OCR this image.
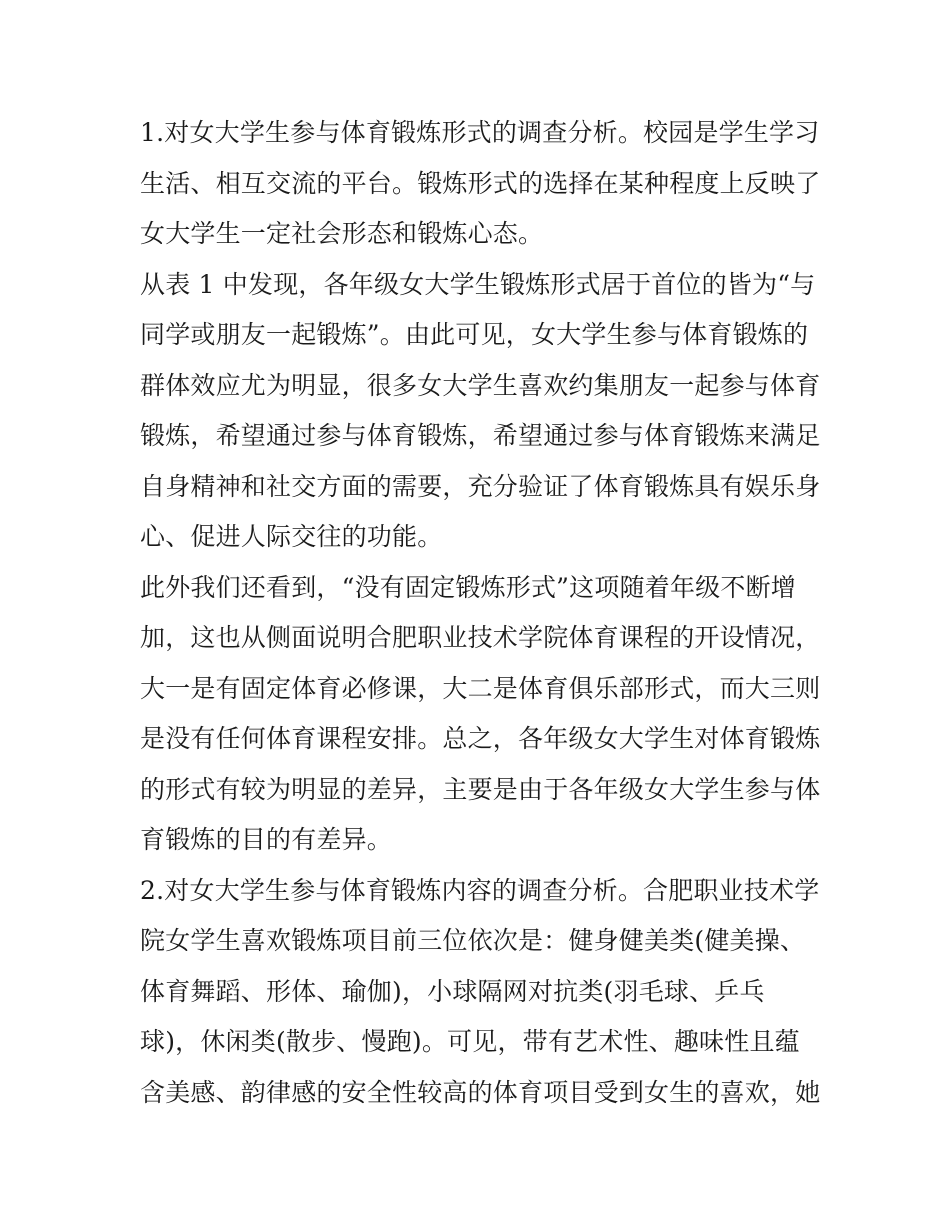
1.对女大学生参与体育锻炼形式的调查分析。校园是学生学习
生活、相互交流的平台。锻炼形式的选择在某种程度上反映了
女大学生一定社会形态和锻炼心态。
从表 1 中发现，各年级女大学生锻炼形式居于首位的皆为“与
同学或朋友一起锻炼”。由此可见，女大学生参与体育锻炼的
群体效应尤为明显，很多女大学生喜欢约集朋友一起参与体育
锻炼，希望通过参与体育锻炼，希望通过参与体育锻炼来满足
自身精神和社交方面的需要，充分验证了体育锻炼具有娱乐身
心、促进人际交往的功能。
此外我们还看到，“没有固定锻炼形式”这项随着年级不断增
加，这也从侧面说明合肥职业技术学院体育课程的开设情况，
大一是有固定体育必修课，大二是体育俱乐部形式，而大三则
是没有任何体育课程安排。总之，各年级女大学生对体育锻炼
的形式有较为明显的差异，主要是由于各年级女大学生参与体
育锻炼的目的有差异。
2.对女大学生参与体育锻炼内容的调查分析。合肥职业技术学
院女学生喜欢锻炼项目前三位依次是：健身健美类(健美操、
体育舞蹈、形体、瑜伽)，小球隔网对抗类(羽毛球、乒乓
球)，休闲类(散步、慢跑)。可见，带有艺术性、趣味性且蕴
含美感、韵律感的安全性较高的体育项目受到女生的喜欢，她
